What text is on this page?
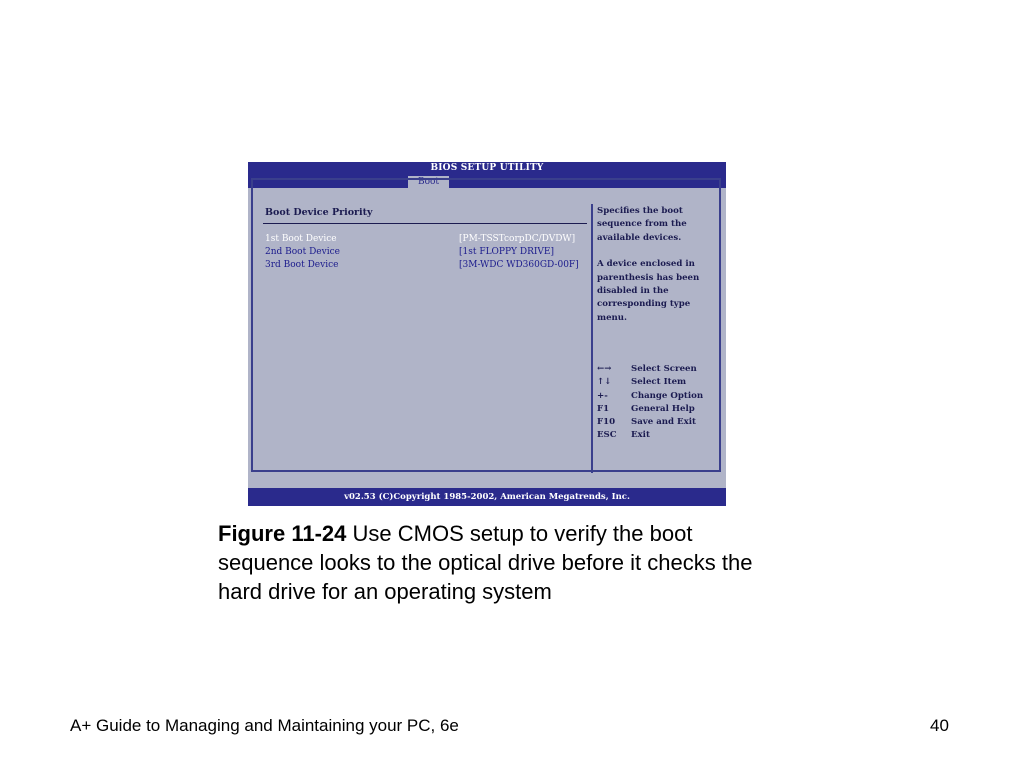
BIOS SETUP UTILITY
Boot
Boot Device Priority
1st Boot Device	[PM-TSSTcorpDC/DVDW]
2nd Boot Device	[1st FLOPPY DRIVE]
3rd Boot Device	[3M-WDC WD360GD-00F]

Specifies the boot sequence from the available devices.

A device enclosed in parenthesis has been disabled in the corresponding type menu.

←→ Select Screen
↑↓ Select Item
+-	Change Option
F1	General Help
F10 Save and Exit
ESC Exit
v02.53 (C)Copyright 1985-2002, American Megatrends, Inc.
Figure 11-24 Use CMOS setup to verify the boot sequence looks to the optical drive before it checks the hard drive for an operating system
A+ Guide to Managing and Maintaining your PC, 6e	40
